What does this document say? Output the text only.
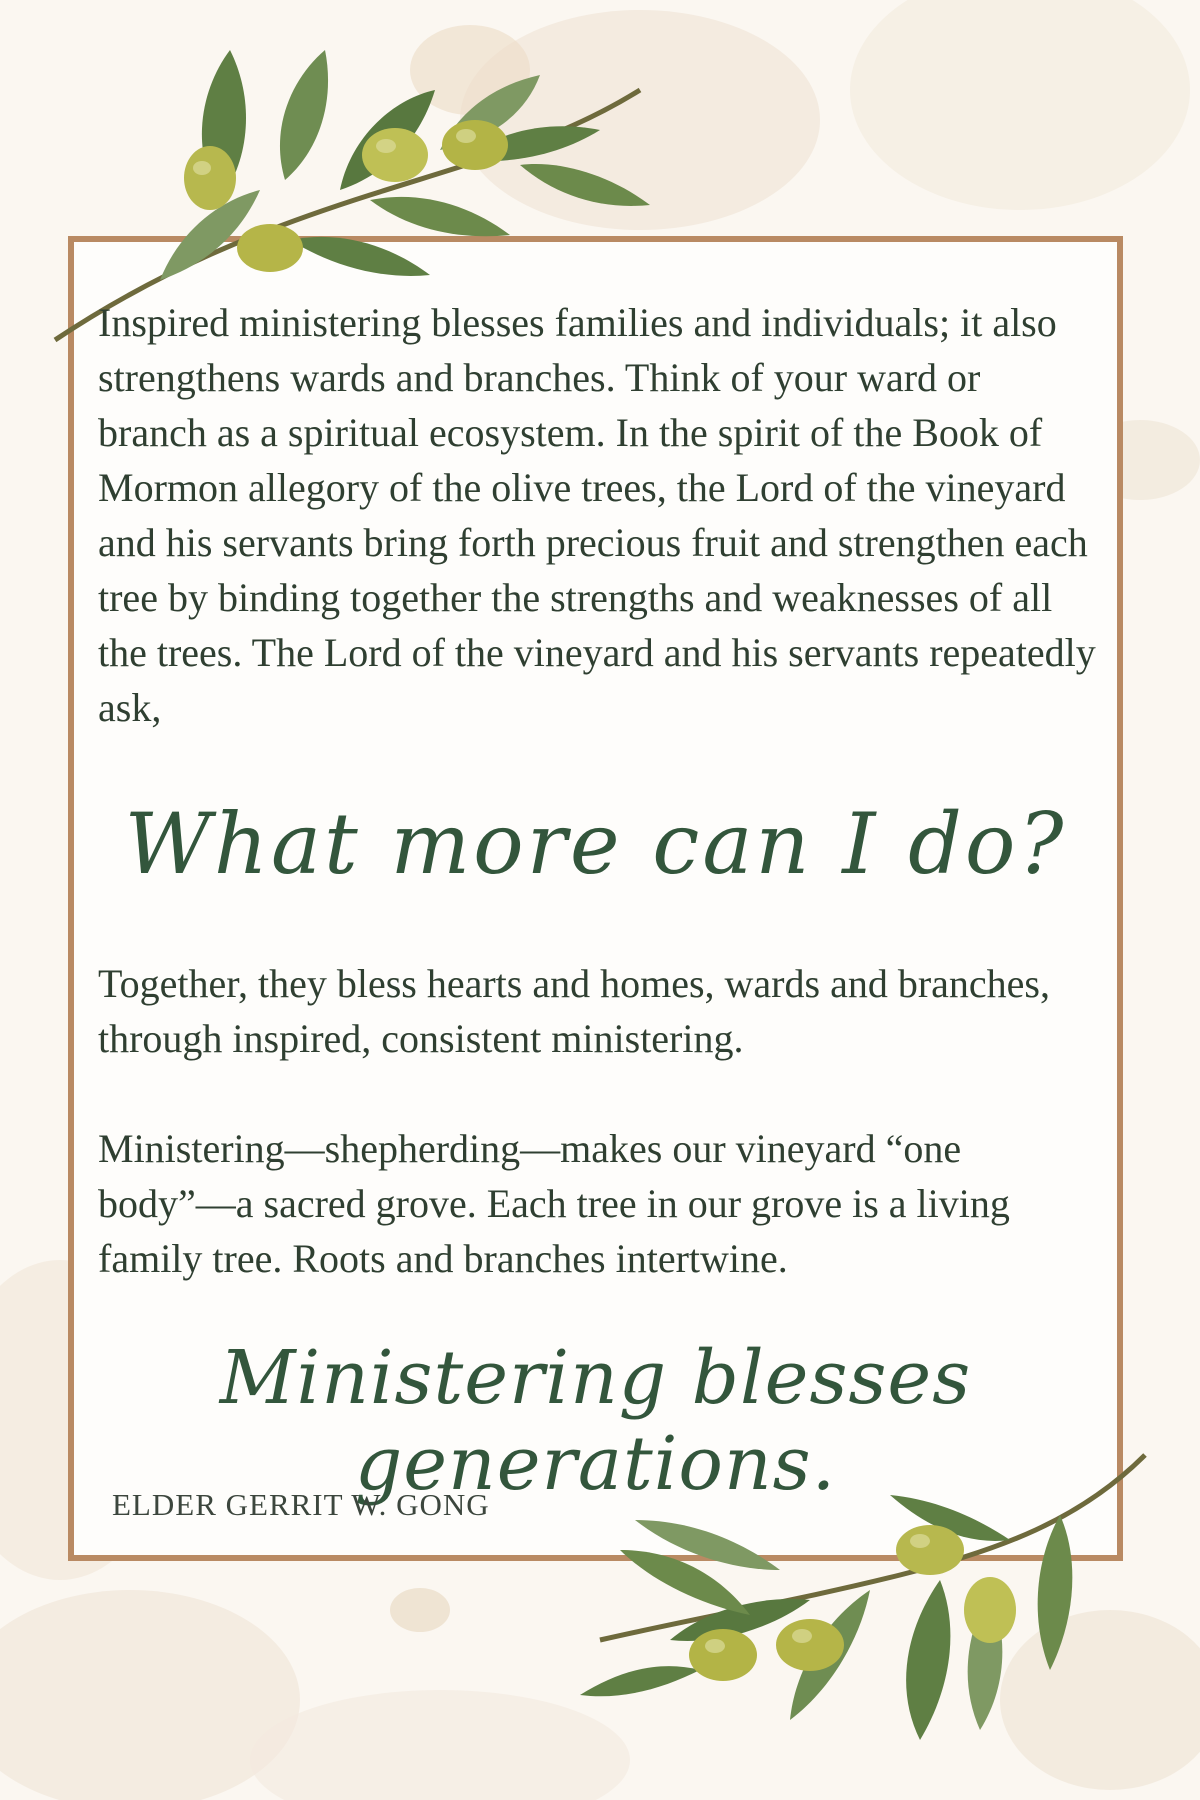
Inspired ministering blesses families and individuals; it also strengthens wards and branches. Think of your ward or branch as a spiritual ecosystem. In the spirit of the Book of Mormon allegory of the olive trees, the Lord of the vineyard and his servants bring forth precious fruit and strengthen each tree by binding together the strengths and weaknesses of all the trees. The Lord of the vineyard and his servants repeatedly ask,
What more can I do?
Together, they bless hearts and homes, wards and branches, through inspired, consistent ministering.
Ministering—shepherding—makes our vineyard “one body”—a sacred grove. Each tree in our grove is a living family tree. Roots and branches intertwine.
Ministering blesses generations.
ELDER GERRIT W. GONG
